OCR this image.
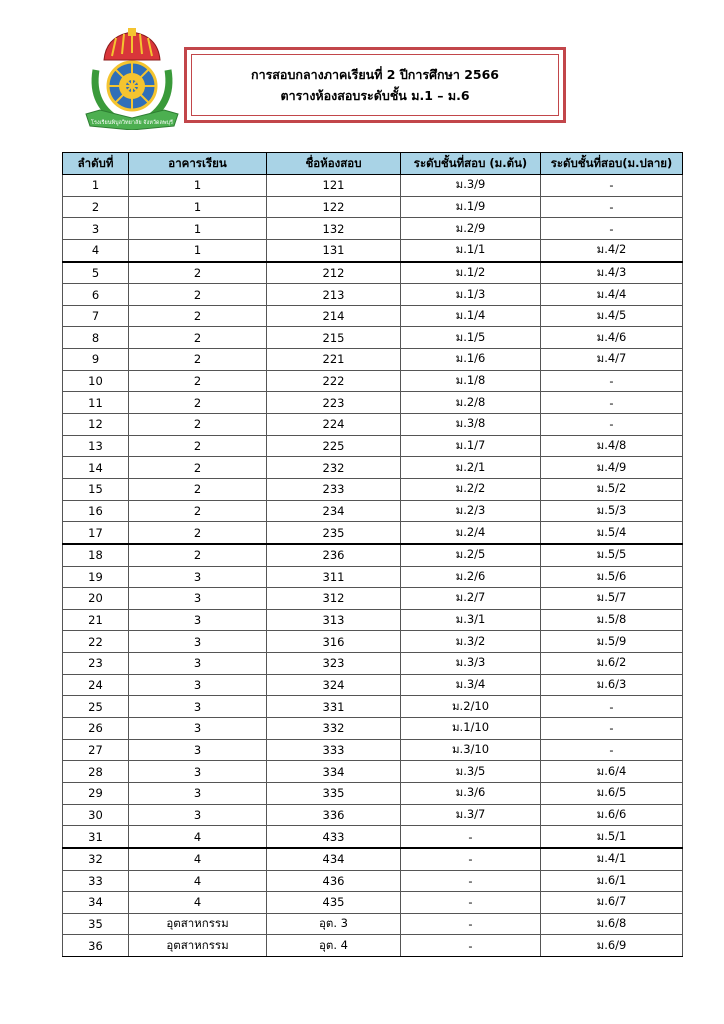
โรงเรียนพิบูลวิทยาลัย จังหวัดลพบุรี
การสอบกลางภาคเรียนที่ 2 ปีการศึกษา 2566
ตารางห้องสอบระดับชั้น ม.1 – ม.6
ลำดับที่	อาคารเรียน	ชื่อห้องสอบ	ระดับชั้นที่สอบ (ม.ต้น)	ระดับชั้นที่สอบ(ม.ปลาย)
1	1	121	ม.3/9	-
2	1	122	ม.1/9	-
3	1	132	ม.2/9	-
4	1	131	ม.1/1	ม.4/2
5	2	212	ม.1/2	ม.4/3
6	2	213	ม.1/3	ม.4/4
7	2	214	ม.1/4	ม.4/5
8	2	215	ม.1/5	ม.4/6
9	2	221	ม.1/6	ม.4/7
10	2	222	ม.1/8	-
11	2	223	ม.2/8	-
12	2	224	ม.3/8	-
13	2	225	ม.1/7	ม.4/8
14	2	232	ม.2/1	ม.4/9
15	2	233	ม.2/2	ม.5/2
16	2	234	ม.2/3	ม.5/3
17	2	235	ม.2/4	ม.5/4
18	2	236	ม.2/5	ม.5/5
19	3	311	ม.2/6	ม.5/6
20	3	312	ม.2/7	ม.5/7
21	3	313	ม.3/1	ม.5/8
22	3	316	ม.3/2	ม.5/9
23	3	323	ม.3/3	ม.6/2
24	3	324	ม.3/4	ม.6/3
25	3	331	ม.2/10	-
26	3	332	ม.1/10	-
27	3	333	ม.3/10	-
28	3	334	ม.3/5	ม.6/4
29	3	335	ม.3/6	ม.6/5
30	3	336	ม.3/7	ม.6/6
31	4	433	-	ม.5/1
32	4	434	-	ม.4/1
33	4	436	-	ม.6/1
34	4	435	-	ม.6/7
35	อุตสาหกรรม	อุต. 3	-	ม.6/8
36	อุตสาหกรรม	อุต. 4	-	ม.6/9
